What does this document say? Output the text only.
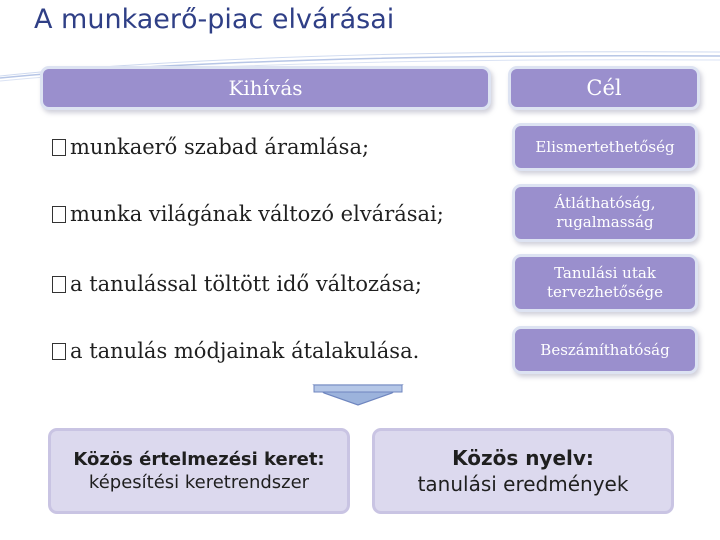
A munkaerő-piac elvárásai
Kihívás	Cél
munkaerő szabad áramlása;	Elismertethetőség
munka világának változó elvárásai;	Átláthatóság, rugalmasság
a tanulással töltött idő változása;	Tanulási utak tervezhetősége
a tanulás módjainak átalakulása.	Beszámíthatóság
Közös értelmezési keret:
képesítési keretrendszer
Közös nyelv:
tanulási eredmények
